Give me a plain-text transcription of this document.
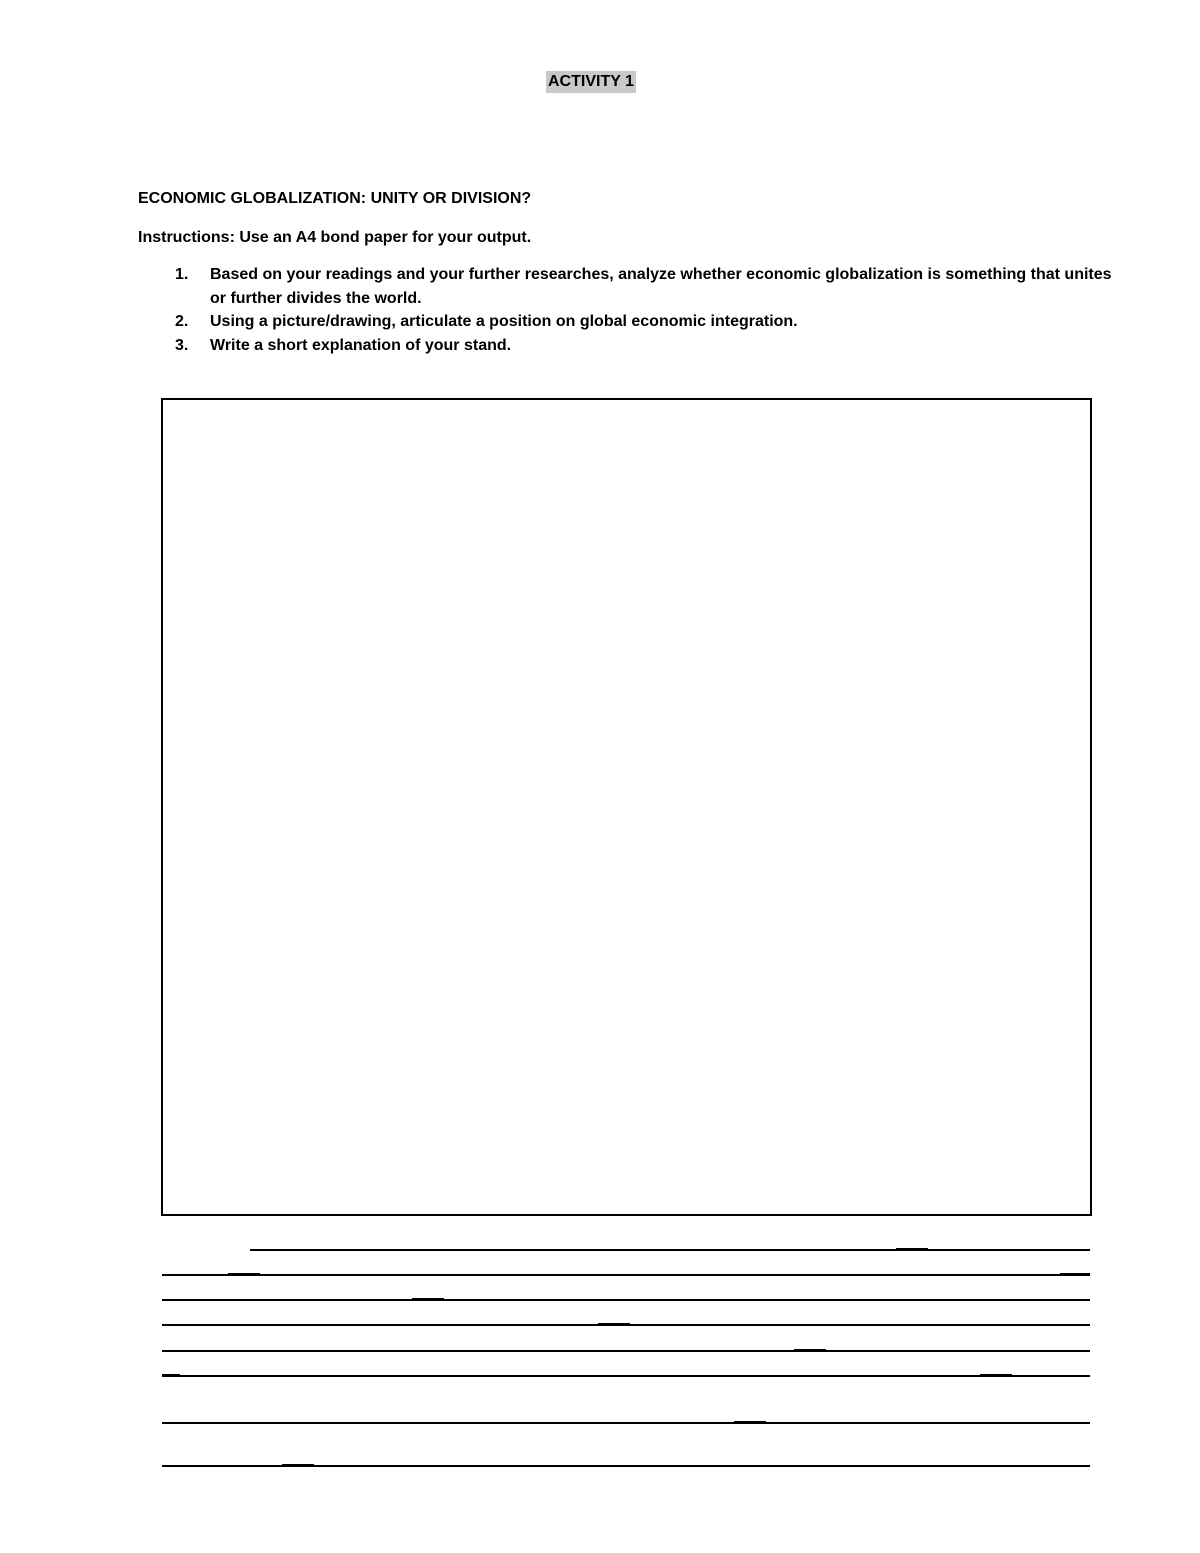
ACTIVITY 1
ECONOMIC GLOBALIZATION: UNITY OR DIVISION?
Instructions: Use an A4 bond paper for your output.
1. Based on your readings and your further researches, analyze whether economic globalization is something that unites or further divides the world.
2. Using a picture/drawing, articulate a position on global economic integration.
3. Write a short explanation of your stand.
